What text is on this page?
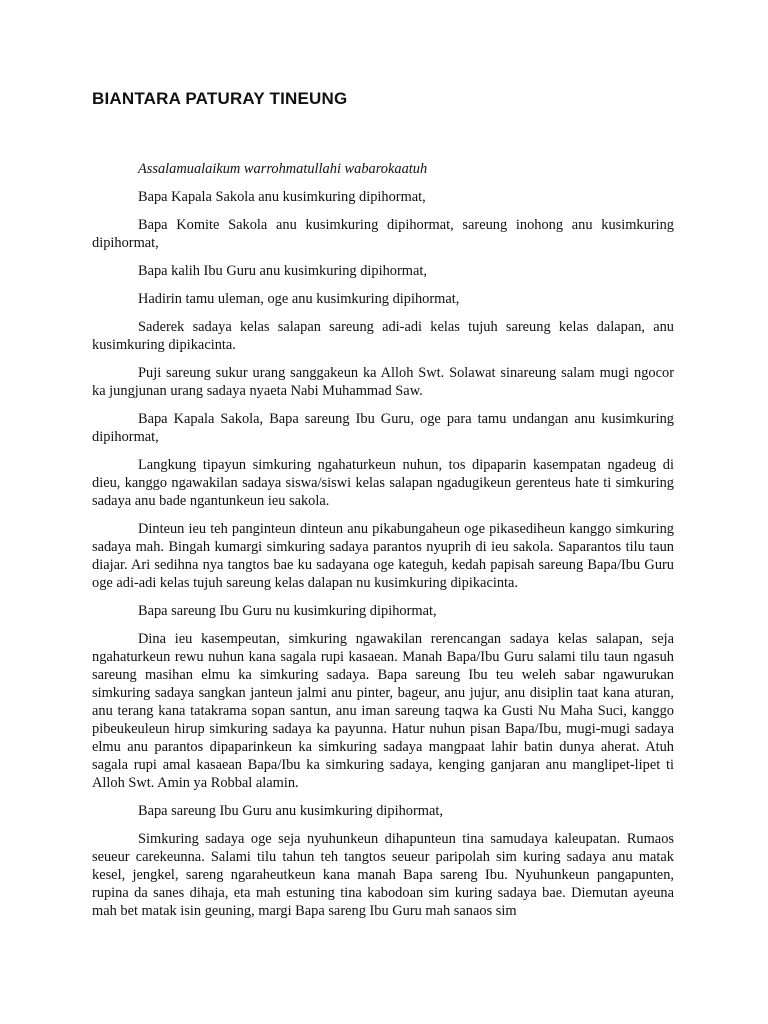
BIANTARA PATURAY TINEUNG

Assalamualaikum warrohmatullahi wabarokaatuh

Bapa Kapala Sakola anu kusimkuring dipihormat,

Bapa Komite Sakola anu kusimkuring dipihormat, sareung inohong anu kusimkuring dipihormat,

Bapa kalih Ibu Guru anu kusimkuring dipihormat,

Hadirin tamu uleman, oge anu kusimkuring dipihormat,

Saderek sadaya kelas salapan sareung adi-adi kelas tujuh sareung kelas dalapan, anu kusimkuring dipikacinta.

Puji sareung sukur urang sanggakeun ka Alloh Swt. Solawat sinareung salam mugi ngocor ka jungjunan urang sadaya nyaeta Nabi Muhammad Saw.

Bapa Kapala Sakola, Bapa sareung Ibu Guru, oge para tamu undangan anu kusimkuring dipihormat,

Langkung tipayun simkuring ngahaturkeun nuhun, tos dipaparin kasempatan ngadeug di dieu, kanggo ngawakilan sadaya siswa/siswi kelas salapan ngadugikeun gerenteus hate ti simkuring sadaya anu bade ngantunkeun ieu sakola.

Dinteun ieu teh panginteun dinteun anu pikabungaheun oge pikasedihеun kanggo simkuring sadaya mah. Bingah kumargi simkuring sadaya parantos nyuprih di ieu sakola. Saparantos tilu taun diajar. Ari sedihna nya tangtos bae ku sadayana oge kateguh, kedah papisah sareung Bapa/Ibu Guru oge adi-adi kelas tujuh sareung kelas dalapan nu kusimkuring dipikacinta.

Bapa sareung Ibu Guru nu kusimkuring dipihormat,

Dina ieu kasempeutan, simkuring ngawakilan rerencangan sadaya kelas salapan, seja ngahaturkeun rewu nuhun kana sagala rupi kasaean. Manah Bapa/Ibu Guru salami tilu taun ngasuh sareung masihan elmu ka simkuring sadaya. Bapa sareung Ibu teu weleh sabar ngawurukan simkuring sadaya sangkan janteun jalmi anu pinter, bageur, anu jujur, anu disiplin taat kana aturan, anu terang kana tatakrama sopan santun, anu iman sareung taqwa ka Gusti Nu Maha Suci, kanggo pibeukeuleun hirup simkuring sadaya ka payunna. Hatur nuhun pisan Bapa/Ibu, mugi-mugi sadaya elmu anu parantos dipaparinkeun ka simkuring sadaya mangpaat lahir batin dunya aherat. Atuh sagala rupi amal kasaean Bapa/Ibu ka simkuring sadaya, kenging ganjaran anu manglipet-lipet ti Alloh Swt. Amin ya Robbal alamin.

Bapa sareung Ibu Guru anu kusimkuring dipihormat,

Simkuring sadaya oge seja nyuhunkeun dihapunteun tina samudaya kaleupatan. Rumaos seueur carekeunna. Salami tilu tahun teh tangtos seueur paripolah sim kuring sadaya anu matak kesel, jengkel, sareng ngaraheutkeun kana manah Bapa sareng Ibu. Nyuhunkeun pangapunten, rupina da sanes dihaja, eta mah estuning tina kabodoan sim kuring sadaya bae. Diemutan ayeuna mah bet matak isin geuning, margi Bapa sareng Ibu Guru mah sanaos sim
